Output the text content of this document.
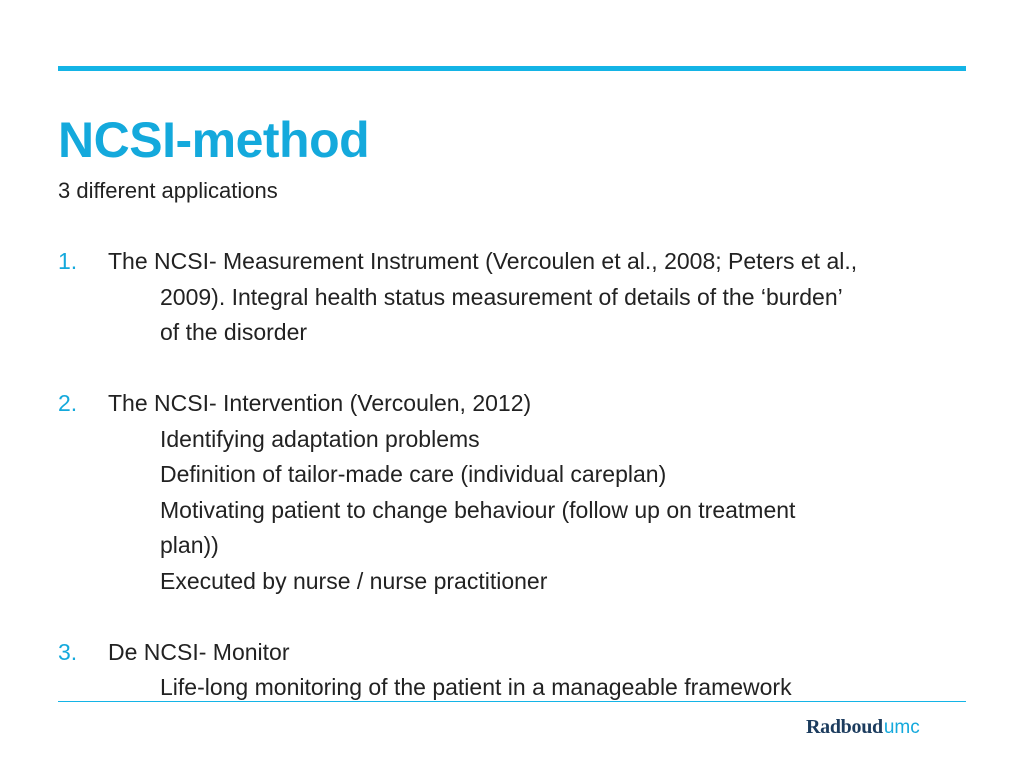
NCSI-method
3 different applications
1. The NCSI- Measurement Instrument (Vercoulen et al., 2008; Peters et al.,
2009). Integral health status measurement of details of the ‘burden’
of the disorder
2. The NCSI- Intervention (Vercoulen, 2012)
Identifying adaptation problems
Definition of tailor-made care (individual careplan)
Motivating patient to change behaviour (follow up on treatment
plan))
Executed by nurse / nurse practitioner
3. De NCSI- Monitor
Life-long monitoring of the patient in a manageable framework
Radboudumc
